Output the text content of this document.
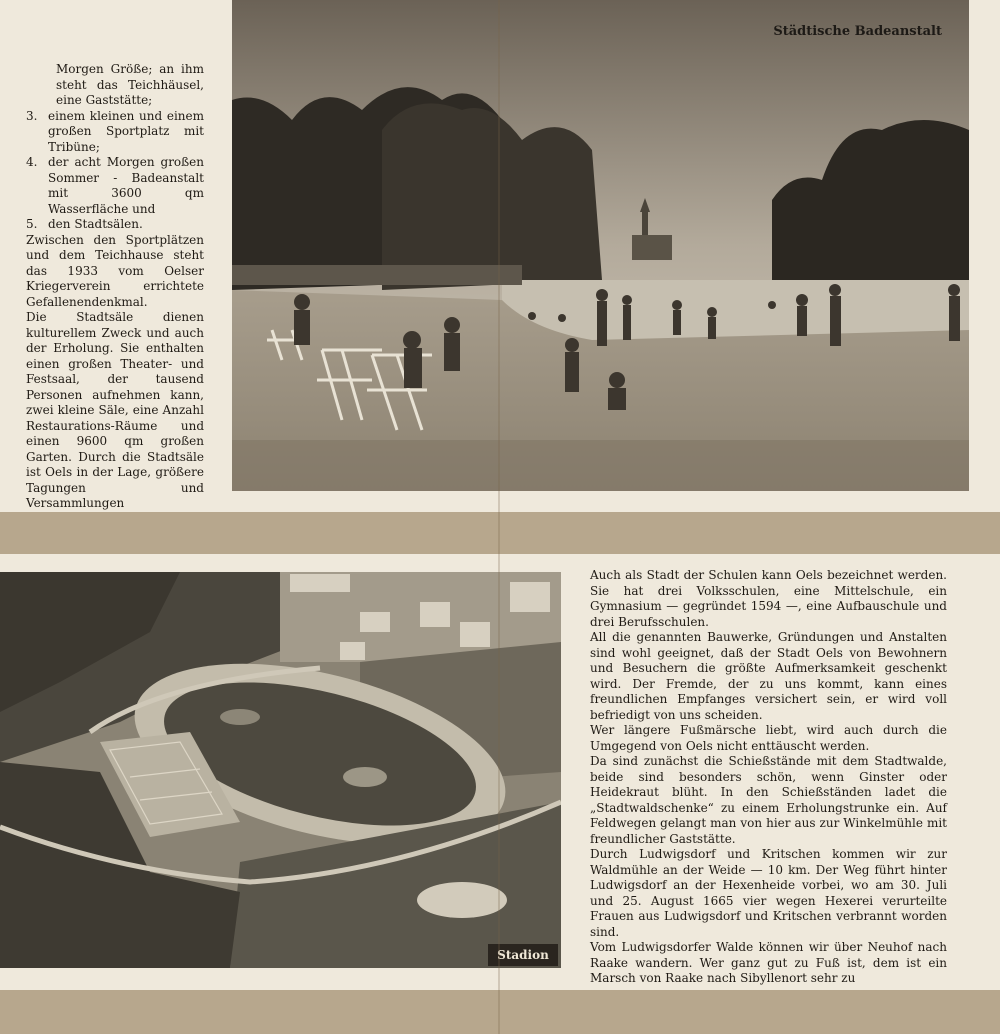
Morgen Größe; an ihm steht das Teichhäusel, eine Gaststätte;

3. einem kleinen und einem großen Sportplatz mit Tribüne;
4. der acht Morgen großen Sommer - Badeanstalt mit 3600 qm Wasserfläche und
5. den Stadtsälen.

Zwischen den Sportplätzen und dem Teichhause steht das 1933 vom Oelser Kriegerverein errichtete Gefallenendenkmal.

Die Stadtsäle dienen kulturellem Zweck und auch der Erholung. Sie enthalten einen großen Theater- und Festsaal, der tausend Personen aufnehmen kann, zwei kleine Säle, eine Anzahl Restaurations-Räume und einen 9600 qm großen Garten. Durch die Stadtsäle ist Oels in der Lage, größere Tagungen und Versammlungen

Städtische Badeanstalt
Stadion

Auch als Stadt der Schulen kann Oels bezeichnet werden. Sie hat drei Volksschulen, eine Mittelschule, ein Gymnasium — gegründet 1594 —, eine Aufbauschule und drei Berufsschulen.

All die genannten Bauwerke, Gründungen und Anstalten sind wohl geeignet, daß der Stadt Oels von Bewohnern und Besuchern die größte Aufmerksamkeit geschenkt wird. Der Fremde, der zu uns kommt, kann eines freundlichen Empfanges versichert sein, er wird voll befriedigt von uns scheiden.

Wer längere Fußmärsche liebt, wird auch durch die Umgegend von Oels nicht enttäuscht werden.

Da sind zunächst die Schießstände mit dem Stadtwalde, beide sind besonders schön, wenn Ginster oder Heidekraut blüht. In den Schießständen ladet die „Stadtwaldschenke“ zu einem Erholungstrunke ein. Auf Feldwegen gelangt man von hier aus zur Winkelmühle mit freundlicher Gaststätte.

Durch Ludwigsdorf und Kritschen kommen wir zur Waldmühle an der Weide — 10 km. Der Weg führt hinter Ludwigsdorf an der Hexenheide vorbei, wo am 30. Juli und 25. August 1665 vier wegen Hexerei verurteilte Frauen aus Ludwigsdorf und Kritschen verbrannt worden sind.

Vom Ludwigsdorfer Walde können wir über Neuhof nach Raake wandern. Wer ganz gut zu Fuß ist, dem ist ein Marsch von Raake nach Sibyllenort sehr zu
